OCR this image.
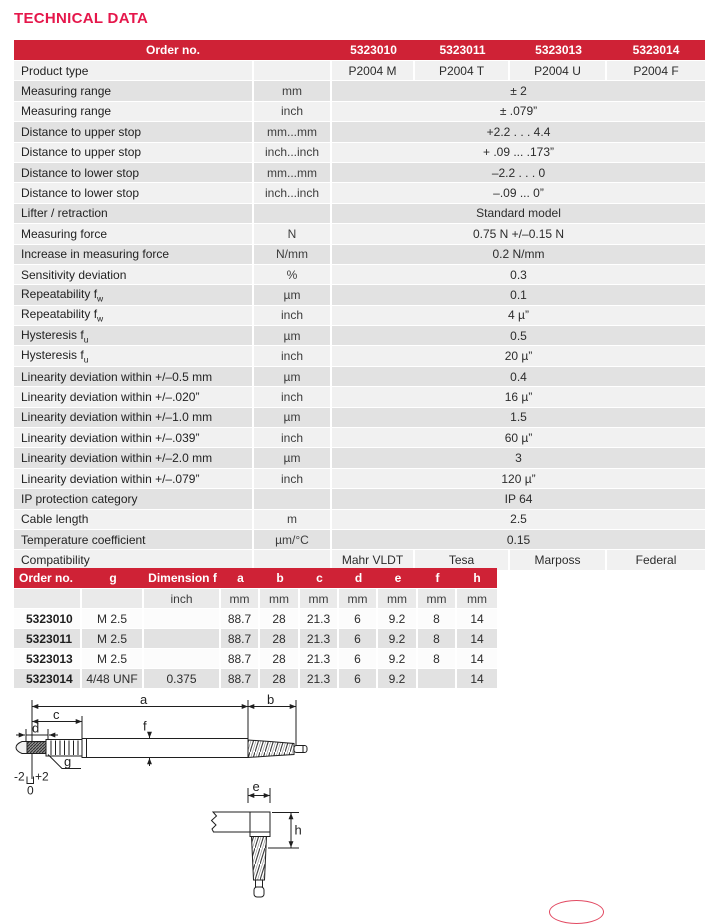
TECHNICAL DATA
Order no.		5323010	5323011	5323013	5323014
Product type		P2004 M	P2004 T	P2004 U	P2004 F
Measuring range	mm	± 2			
Measuring range	inch	± .079”			
Distance to upper stop	mm...mm	+2.2 . . . 4.4			
Distance to upper stop	inch...inch	+ .09 ... .173”			
Distance to lower stop	mm...mm	–2.2 . . . 0			
Distance to lower stop	inch...inch	–.09 ... 0”			
Lifter / retraction		Standard model			
Measuring force	N	0.75 N +/–0.15 N			
Increase in measuring force	N/mm	0.2 N/mm			
Sensitivity deviation	%	0.3			
Repeatability $f_w$	µm	0.1			
Repeatability $f_w$	inch	4 µ”			
Hysteresis $f_u$	µm	0.5			
Hysteresis $f_u$	inch	20 µ”			
Linearity deviation within +/–0.5 mm	µm	0.4			
Linearity deviation within +/–.020”	inch	16 µ”			
Linearity deviation within +/–1.0 mm	µm	1.5			
Linearity deviation within +/–.039”	inch	60 µ”			
Linearity deviation within +/–2.0 mm	µm	3			
Linearity deviation within +/–.079”	inch	120 µ”			
IP protection category		IP 64			
Cable length	m	2.5			
Temperature coefficient	µm/°C	0.15			
Compatibility		Mahr VLDT	Tesa	Marposs	Federal
Order no.	g	Dimension f	a	b	c	d	e	f	h
		inch	mm	mm	mm	mm	mm	mm	mm
5323010	M 2.5		88.7	28	21.3	6	9.2	8	14
5323011	M 2.5		88.7	28	21.3	6	9.2	8	14
5323013	M 2.5		88.7	28	21.3	6	9.2	8	14
5323014	4/48 UNF	0.375	88.7	28	21.3	6	9.2		14
a	b
c
d	f
g
e
h
-2 +2
0
